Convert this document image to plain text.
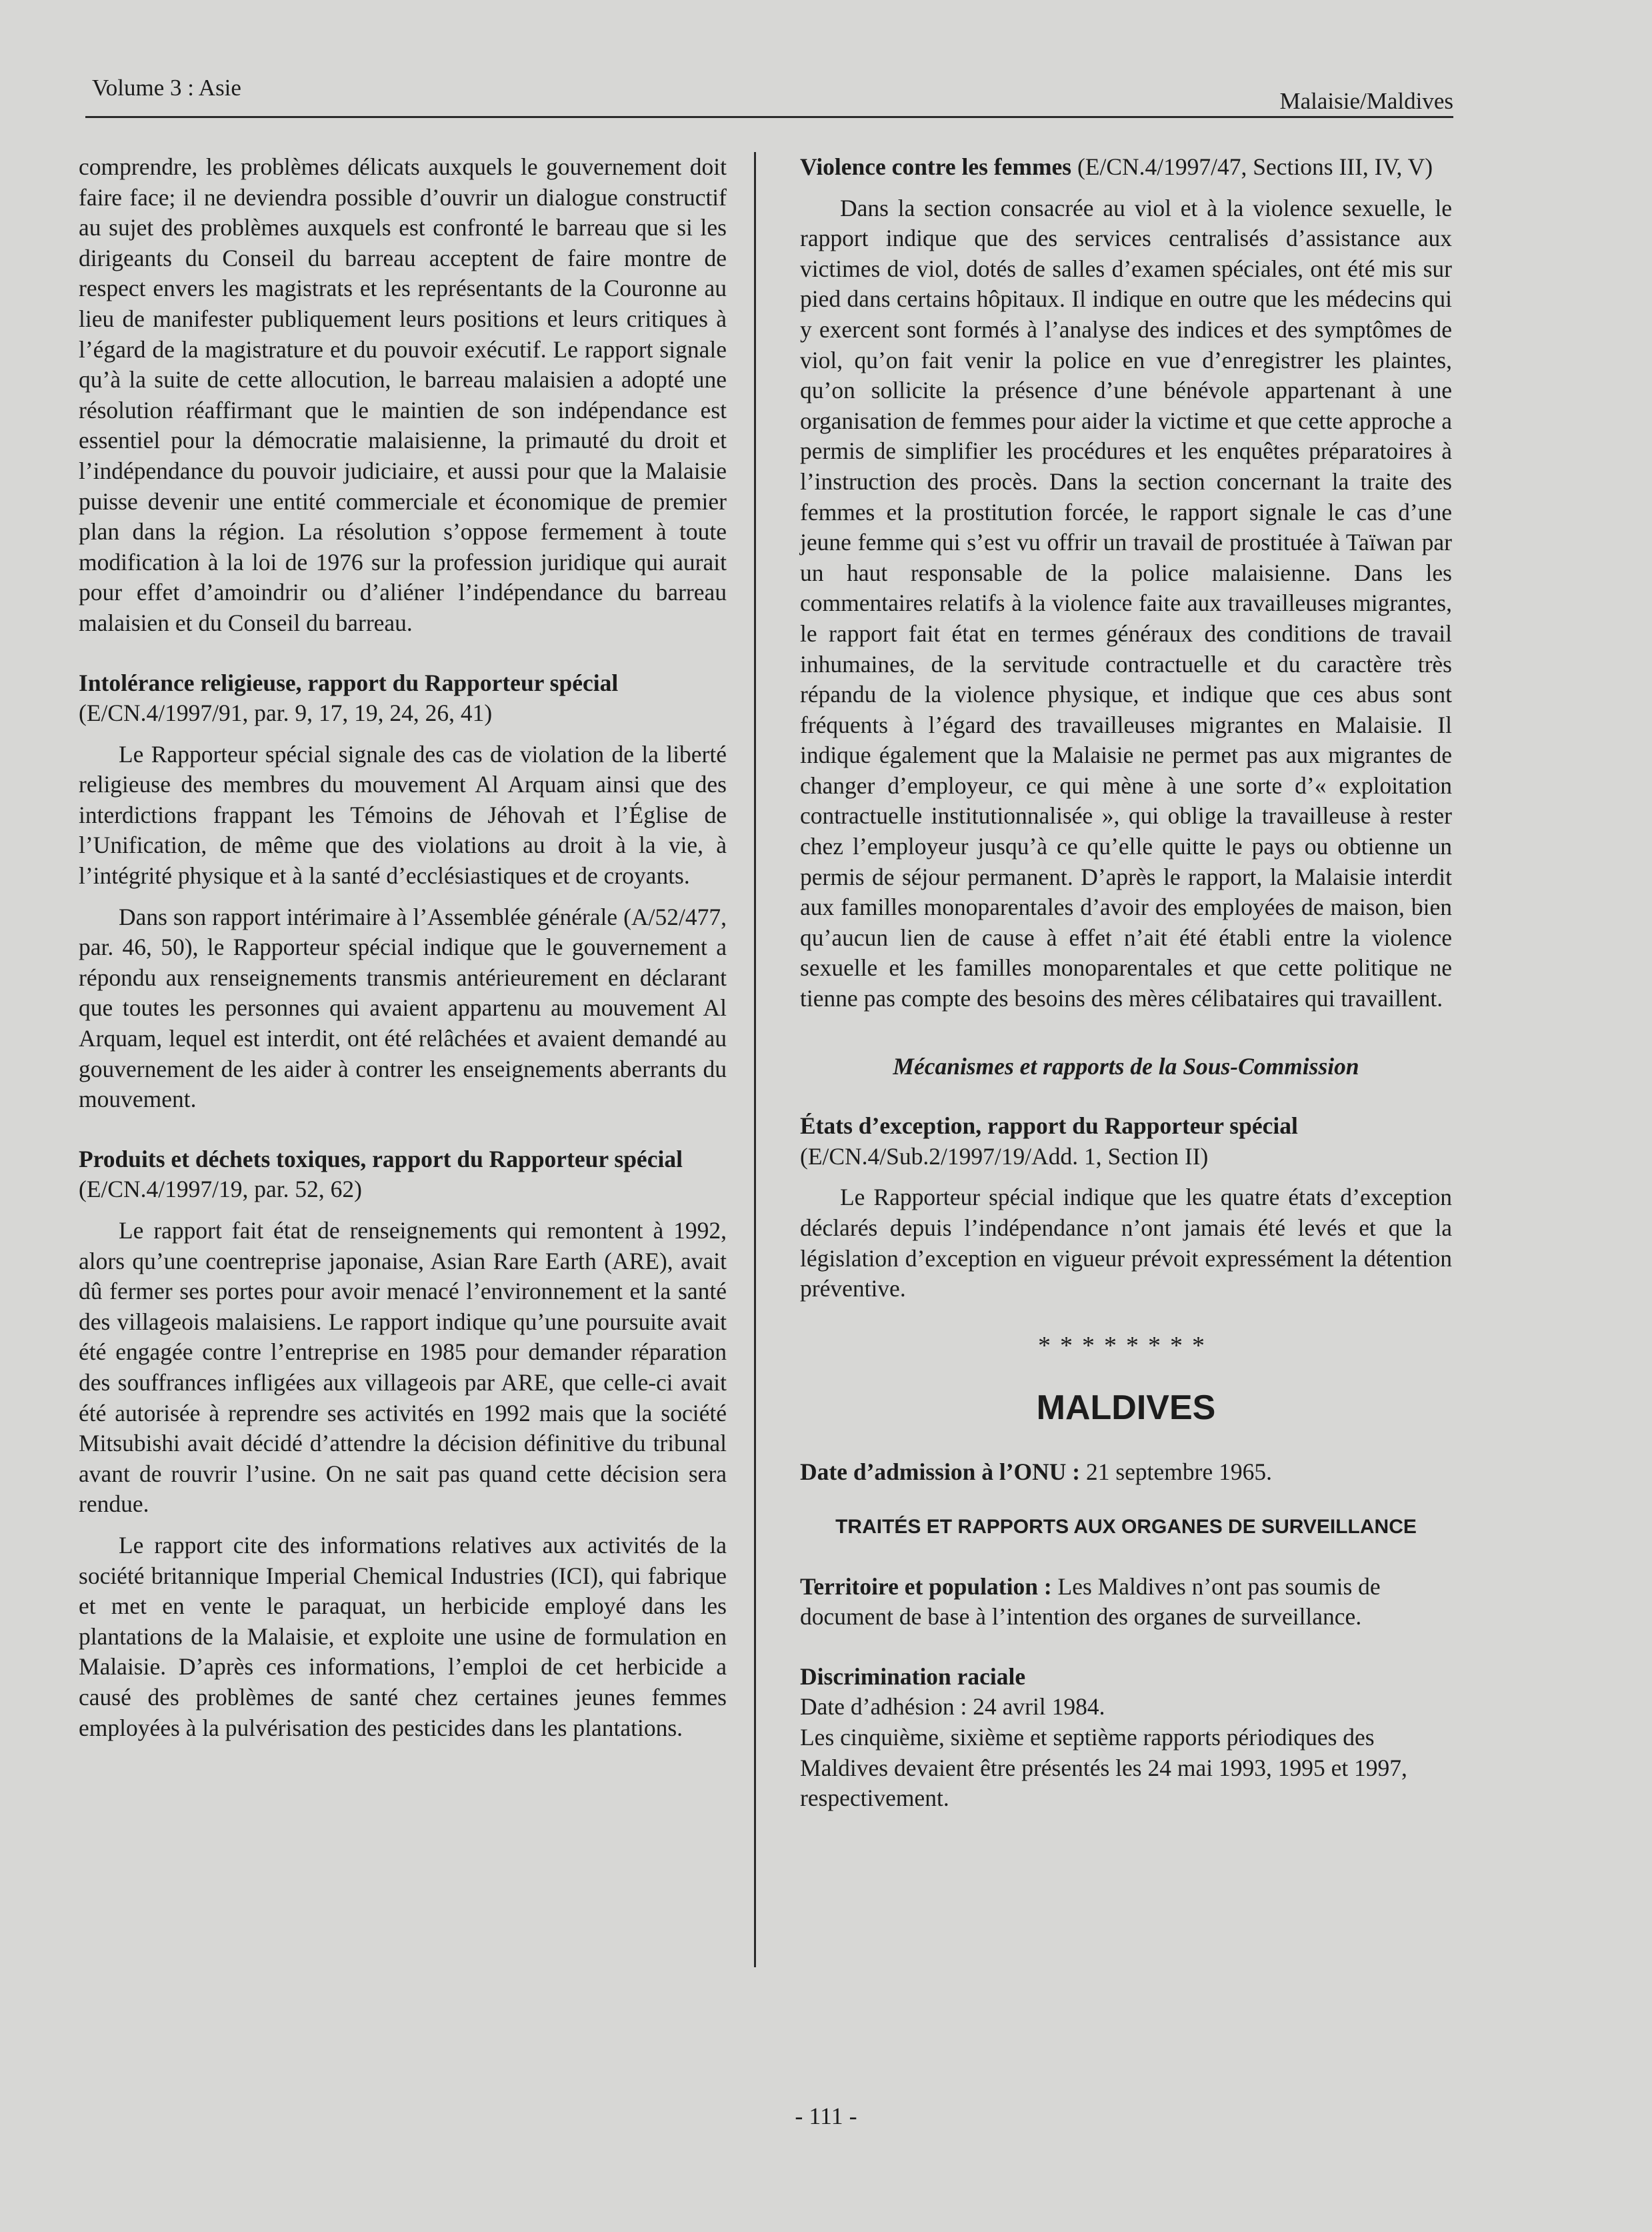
Volume 3 : Asie
Malaisie/Maldives

comprendre, les problèmes délicats auxquels le gouvernement doit faire face; il ne deviendra possible d’ouvrir un dialogue constructif au sujet des problèmes auxquels est confronté le barreau que si les dirigeants du Conseil du barreau acceptent de faire montre de respect envers les magistrats et les représentants de la Couronne au lieu de manifester publiquement leurs positions et leurs critiques à l’égard de la magistrature et du pouvoir exécutif. Le rapport signale qu’à la suite de cette allocution, le barreau malaisien a adopté une résolution réaffirmant que le maintien de son indépendance est essentiel pour la démocratie malaisienne, la primauté du droit et l’indépendance du pouvoir judiciaire, et aussi pour que la Malaisie puisse devenir une entité commerciale et économique de premier plan dans la région. La résolution s’oppose fermement à toute modification à la loi de 1976 sur la profession juridique qui aurait pour effet d’amoindrir ou d’aliéner l’indépendance du barreau malaisien et du Conseil du barreau.

Intolérance religieuse, rapport du Rapporteur spécial
(E/CN.4/1997/91, par. 9, 17, 19, 24, 26, 41)

Le Rapporteur spécial signale des cas de violation de la liberté religieuse des membres du mouvement Al Arquam ainsi que des interdictions frappant les Témoins de Jéhovah et l’Église de l’Unification, de même que des violations au droit à la vie, à l’intégrité physique et à la santé d’ecclésiastiques et de croyants.

Dans son rapport intérimaire à l’Assemblée générale (A/52/477, par. 46, 50), le Rapporteur spécial indique que le gouvernement a répondu aux renseignements transmis antérieurement en déclarant que toutes les personnes qui avaient appartenu au mouvement Al Arquam, lequel est interdit, ont été relâchées et avaient demandé au gouvernement de les aider à contrer les enseignements aberrants du mouvement.

Produits et déchets toxiques, rapport du Rapporteur spécial (E/CN.4/1997/19, par. 52, 62)

Le rapport fait état de renseignements qui remontent à 1992, alors qu’une coentreprise japonaise, Asian Rare Earth (ARE), avait dû fermer ses portes pour avoir menacé l’environnement et la santé des villageois malaisiens. Le rapport indique qu’une poursuite avait été engagée contre l’entreprise en 1985 pour demander réparation des souffrances infligées aux villageois par ARE, que celle-ci avait été autorisée à reprendre ses activités en 1992 mais que la société Mitsubishi avait décidé d’attendre la décision définitive du tribunal avant de rouvrir l’usine. On ne sait pas quand cette décision sera rendue.

Le rapport cite des informations relatives aux activités de la société britannique Imperial Chemical Industries (ICI), qui fabrique et met en vente le paraquat, un herbicide employé dans les plantations de la Malaisie, et exploite une usine de formulation en Malaisie. D’après ces informations, l’emploi de cet herbicide a causé des problèmes de santé chez certaines jeunes femmes employées à la pulvérisation des pesticides dans les plantations.

Violence contre les femmes (E/CN.4/1997/47, Sections III, IV, V)

Dans la section consacrée au viol et à la violence sexuelle, le rapport indique que des services centralisés d’assistance aux victimes de viol, dotés de salles d’examen spéciales, ont été mis sur pied dans certains hôpitaux. Il indique en outre que les médecins qui y exercent sont formés à l’analyse des indices et des symptômes de viol, qu’on fait venir la police en vue d’enregistrer les plaintes, qu’on sollicite la présence d’une bénévole appartenant à une organisation de femmes pour aider la victime et que cette approche a permis de simplifier les procédures et les enquêtes préparatoires à l’instruction des procès. Dans la section concernant la traite des femmes et la prostitution forcée, le rapport signale le cas d’une jeune femme qui s’est vu offrir un travail de prostituée à Taïwan par un haut responsable de la police malaisienne. Dans les commentaires relatifs à la violence faite aux travailleuses migrantes, le rapport fait état en termes généraux des conditions de travail inhumaines, de la servitude contractuelle et du caractère très répandu de la violence physique, et indique que ces abus sont fréquents à l’égard des travailleuses migrantes en Malaisie. Il indique également que la Malaisie ne permet pas aux migrantes de changer d’employeur, ce qui mène à une sorte d’« exploitation contractuelle institutionnalisée », qui oblige la travailleuse à rester chez l’employeur jusqu’à ce qu’elle quitte le pays ou obtienne un permis de séjour permanent. D’après le rapport, la Malaisie interdit aux familles monoparentales d’avoir des employées de maison, bien qu’aucun lien de cause à effet n’ait été établi entre la violence sexuelle et les familles monoparentales et que cette politique ne tienne pas compte des besoins des mères célibataires qui travaillent.

Mécanismes et rapports de la Sous-Commission

États d’exception, rapport du Rapporteur spécial
(E/CN.4/Sub.2/1997/19/Add. 1, Section II)

Le Rapporteur spécial indique que les quatre états d’exception déclarés depuis l’indépendance n’ont jamais été levés et que la législation d’exception en vigueur prévoit expressément la détention préventive.

********

MALDIVES

Date d’admission à l’ONU : 21 septembre 1965.

TRAITÉS ET RAPPORTS AUX ORGANES DE SURVEILLANCE

Territoire et population : Les Maldives n’ont pas soumis de document de base à l’intention des organes de surveillance.

Discrimination raciale

Date d’adhésion : 24 avril 1984.

Les cinquième, sixième et septième rapports périodiques des Maldives devaient être présentés les 24 mai 1993, 1995 et 1997, respectivement.

- 111 -
